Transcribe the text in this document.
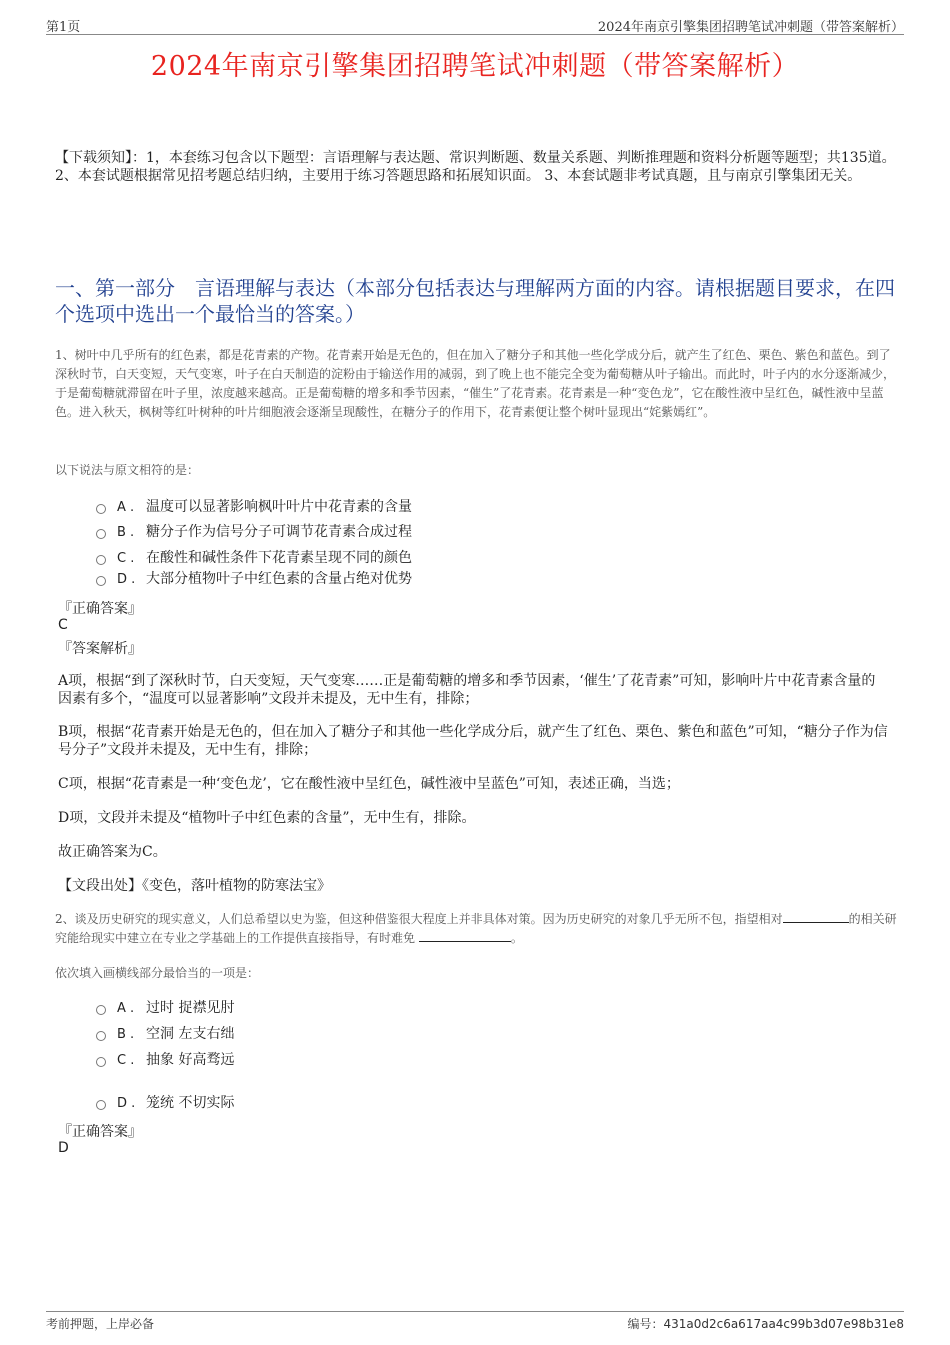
第1页	2024年南京引擎集团招聘笔试冲刺题（带答案解析）
2024年南京引擎集团招聘笔试冲刺题（带答案解析）
【下载须知】：1，本套练习包含以下题型：言语理解与表达题、常识判断题、数量关系题、判断推理题和资料分析题等题型；共135道。 2、本套试题根据常见招考题总结归纳，主要用于练习答题思路和拓展知识面。 3、本套试题非考试真题，且与南京引擎集团无关。
一、第一部分　言语理解与表达（本部分包括表达与理解两方面的内容。请根据题目要求，在四个选项中选出一个最恰当的答案。）
1、树叶中几乎所有的红色素，都是花青素的产物。花青素开始是无色的，但在加入了糖分子和其他一些化学成分后，就产生了红色、栗色、紫色和蓝色。到了深秋时节，白天变短，天气变寒，叶子在白天制造的淀粉由于输送作用的减弱，到了晚上也不能完全变为葡萄糖从叶子输出。而此时，叶子内的水分逐渐减少，于是葡萄糖就滞留在叶子里，浓度越来越高。正是葡萄糖的增多和季节因素，“催生”了花青素。花青素是一种“变色龙”，它在酸性液中呈红色，碱性液中呈蓝色。进入秋天，枫树等红叶树种的叶片细胞液会逐渐呈现酸性，在糖分子的作用下，花青素便让整个树叶显现出“姹紫嫣红”。
以下说法与原文相符的是：
A . 温度可以显著影响枫叶叶片中花青素的含量
B . 糖分子作为信号分子可调节花青素合成过程
C . 在酸性和碱性条件下花青素呈现不同的颜色
D . 大部分植物叶子中红色素的含量占绝对优势
『正确答案』
C
『答案解析』
A项，根据“到了深秋时节，白天变短，天气变寒……正是葡萄糖的增多和季节因素，‘催生’了花青素”可知，影响叶片中花青素含量的因素有多个，“温度可以显著影响”文段并未提及，无中生有，排除；
B项，根据“花青素开始是无色的，但在加入了糖分子和其他一些化学成分后，就产生了红色、栗色、紫色和蓝色”可知，“糖分子作为信号分子”文段并未提及，无中生有，排除；
C项，根据“花青素是一种‘变色龙’，它在酸性液中呈红色，碱性液中呈蓝色”可知，表述正确，当选；
D项，文段并未提及“植物叶子中红色素的含量”，无中生有，排除。
故正确答案为C。
【文段出处】《变色，落叶植物的防寒法宝》
2、谈及历史研究的现实意义，人们总希望以史为鉴，但这种借鉴很大程度上并非具体对策。因为历史研究的对象几乎无所不包，指望相对	的相关研究能给现实中建立在专业之学基础上的工作提供直接指导，有时难免	。
依次填入画横线部分最恰当的一项是：
A . 过时 捉襟见肘
B . 空洞 左支右绌
C . 抽象 好高骛远
D . 笼统 不切实际
『正确答案』
D
考前押题，上岸必备	编号：431a0d2c6a617aa4c99b3d07e98b31e8
